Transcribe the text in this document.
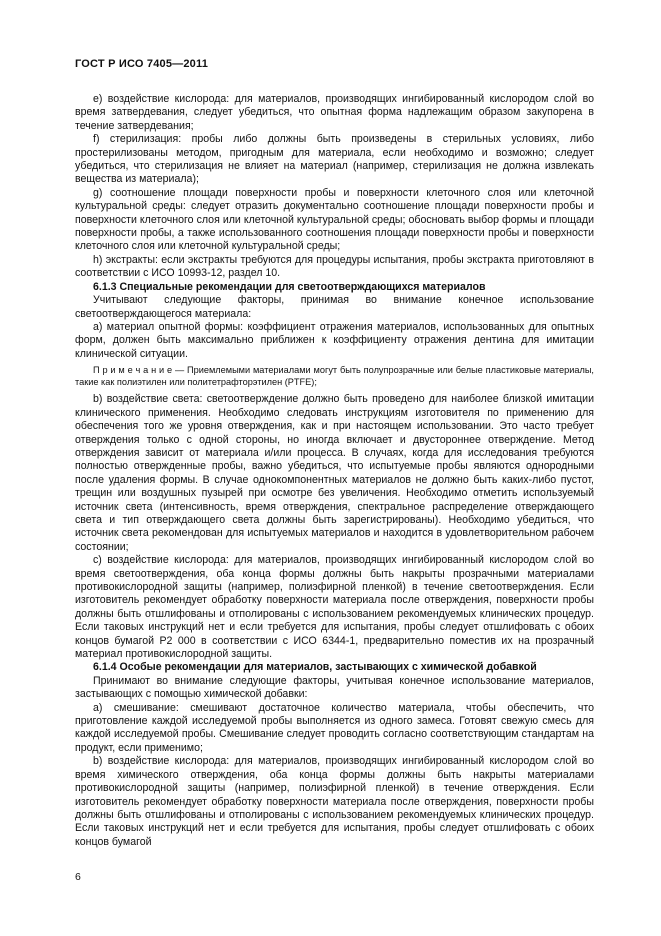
ГОСТ Р ИСО 7405—2011

e) воздействие кислорода: для материалов, производящих ингибированный кислородом слой во время затвердевания, следует убедиться, что опытная форма надлежащим образом закупорена в течение затвердевания;

f) стерилизация: пробы либо должны быть произведены в стерильных условиях, либо простерилизованы методом, пригодным для материала, если необходимо и возможно; следует убедиться, что стерилизация не влияет на материал (например, стерилизация не должна извлекать вещества из материала);

g) соотношение площади поверхности пробы и поверхности клеточного слоя или клеточной культуральной среды: следует отразить документально соотношение площади поверхности пробы и поверхности клеточного слоя или клеточной культуральной среды; обосновать выбор формы и площади поверхности пробы, а также использованного соотношения площади поверхности пробы и поверхности клеточного слоя или клеточной культуральной среды;

h) экстракты: если экстракты требуются для процедуры испытания, пробы экстракта приготовляют в соответствии с ИСО 10993-12, раздел 10.

6.1.3 Специальные рекомендации для светоотверждающихся материалов

Учитывают следующие факторы, принимая во внимание конечное использование светоотверждающегося материала:

а) материал опытной формы: коэффициент отражения материалов, использованных для опытных форм, должен быть максимально приближен к коэффициенту отражения дентина для имитации клинической ситуации.

П р и м е ч а н и е — Приемлемыми материалами могут быть полупрозрачные или белые пластиковые материалы, такие как полиэтилен или политетрафторэтилен (PTFE);

b) воздействие света: светоотверждение должно быть проведено для наиболее близкой имитации клинического применения. Необходимо следовать инструкциям изготовителя по применению для обеспечения того же уровня отверждения, как и при настоящем использовании. Это часто требует отверждения только с одной стороны, но иногда включает и двустороннее отверждение. Метод отверждения зависит от материала и/или процесса. В случаях, когда для исследования требуются полностью отвержденные пробы, важно убедиться, что испытуемые пробы являются однородными после удаления формы. В случае однокомпонентных материалов не должно быть каких-либо пустот, трещин или воздушных пузырей при осмотре без увеличения. Необходимо отметить используемый источник света (интенсивность, время отверждения, спектральное распределение отверждающего света и тип отверждающего света должны быть зарегистрированы). Необходимо убедиться, что источник света рекомендован для испытуемых материалов и находится в удовлетворительном рабочем состоянии;

с) воздействие кислорода: для материалов, производящих ингибированный кислородом слой во время светоотверждения, оба конца формы должны быть накрыты прозрачными материалами противокислородной защиты (например, полиэфирной пленкой) в течение светоотверждения. Если изготовитель рекомендует обработку поверхности материала после отверждения, поверхности пробы должны быть отшлифованы и отполированы с использованием рекомендуемых клинических процедур. Если таковых инструкций нет и если требуется для испытания, пробы следует отшлифовать с обоих концов бумагой Р2 000 в соответствии с ИСО 6344-1, предварительно поместив их на прозрачный материал противокислородной защиты.

6.1.4 Особые рекомендации для материалов, застывающих с химической добавкой

Принимают во внимание следующие факторы, учитывая конечное использование материалов, застывающих с помощью химической добавки:

а) смешивание: смешивают достаточное количество материала, чтобы обеспечить, что приготовление каждой исследуемой пробы выполняется из одного замеса. Готовят свежую смесь для каждой исследуемой пробы. Смешивание следует проводить согласно соответствующим стандартам на продукт, если применимо;

b) воздействие кислорода: для материалов, производящих ингибированный кислородом слой во время химического отверждения, оба конца формы должны быть накрыты материалами противокислородной защиты (например, полиэфирной пленкой) в течение отверждения. Если изготовитель рекомендует обработку поверхности материала после отверждения, поверхности пробы должны быть отшлифованы и отполированы с использованием рекомендуемых клинических процедур. Если таковых инструкций нет и если требуется для испытания, пробы следует отшлифовать с обоих концов бумагой

6
